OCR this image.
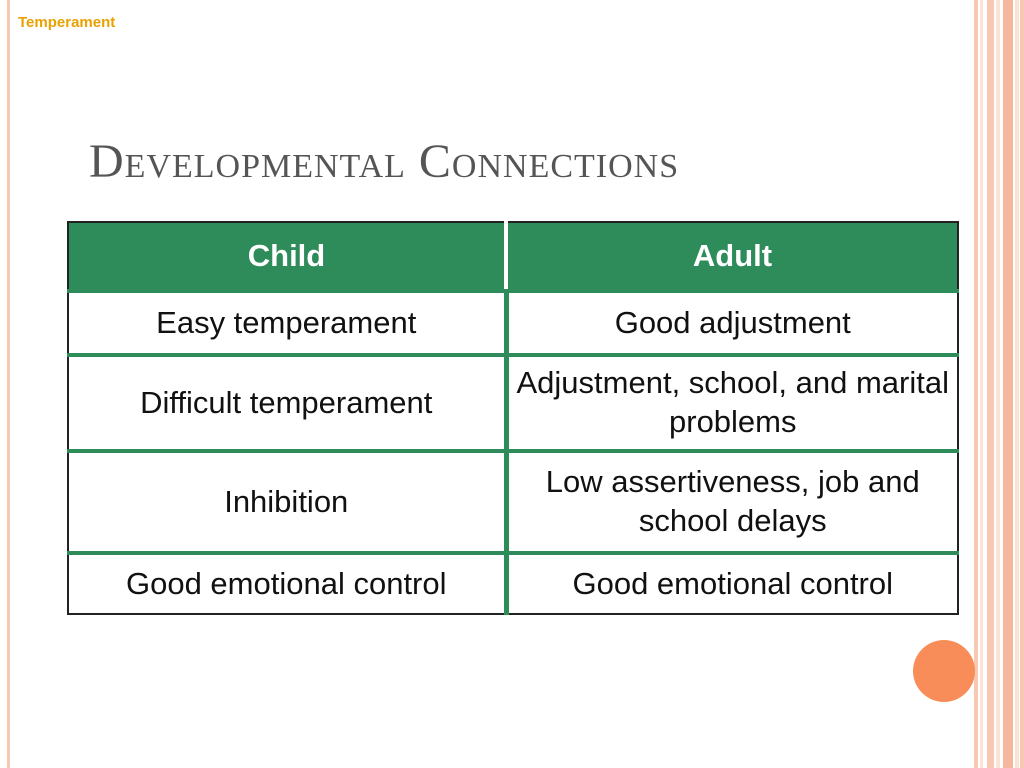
Temperament
Developmental Connections
Child	Adult
Easy temperament	Good adjustment
Difficult temperament	Adjustment, school, and marital problems
Inhibition	Low assertiveness, job and school delays
Good emotional control	Good emotional control
